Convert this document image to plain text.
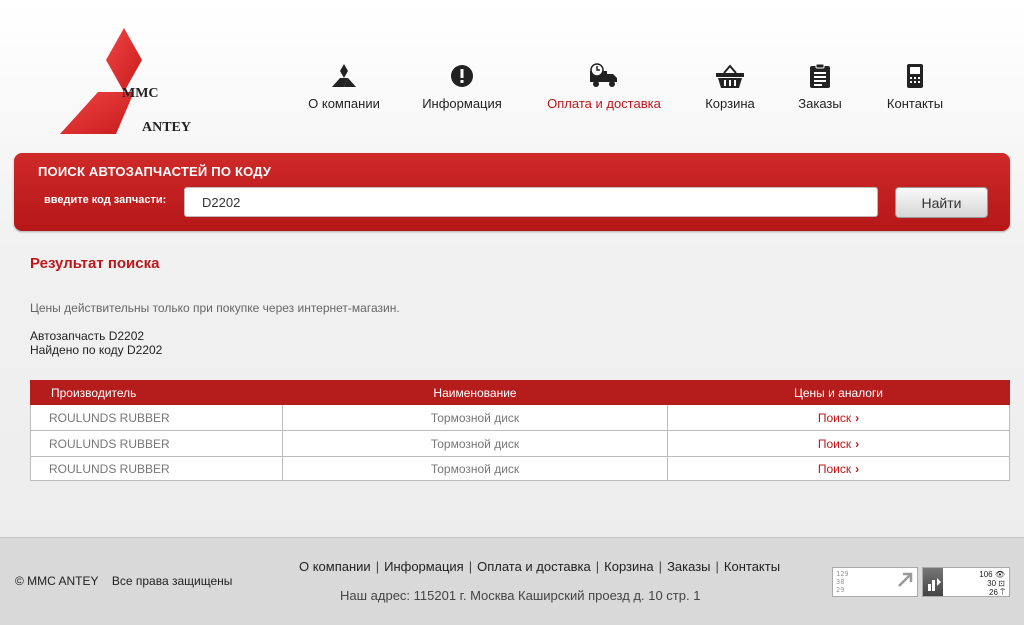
MMC
ANTEY
О компании	Информация	Оплата и доставка	Корзина	Заказы	Контакты
ПОИСК АВТОЗАПЧАСТЕЙ ПО КОДУ
введите код запчасти:
D2202	Найти
Результат поиска
Цены действительны только при покупке через интернет-магазин.
Автозапчасть D2202
Найдено по коду D2202
Производитель	Наименование	Цены и аналоги
ROULUNDS RUBBER	Тормозной диск	Поиск ›
ROULUNDS RUBBER	Тормозной диск	Поиск ›
ROULUNDS RUBBER	Тормозной диск	Поиск ›
© MMC ANTEY Все права защищены
О компании | Информация | Оплата и доставка | Корзина | Заказы | Контакты
Наш адрес: 115201 г. Москва Каширский проезд д. 10 стр. 1
129
38
29
106 👁
30 ⊡
26 ⍑
